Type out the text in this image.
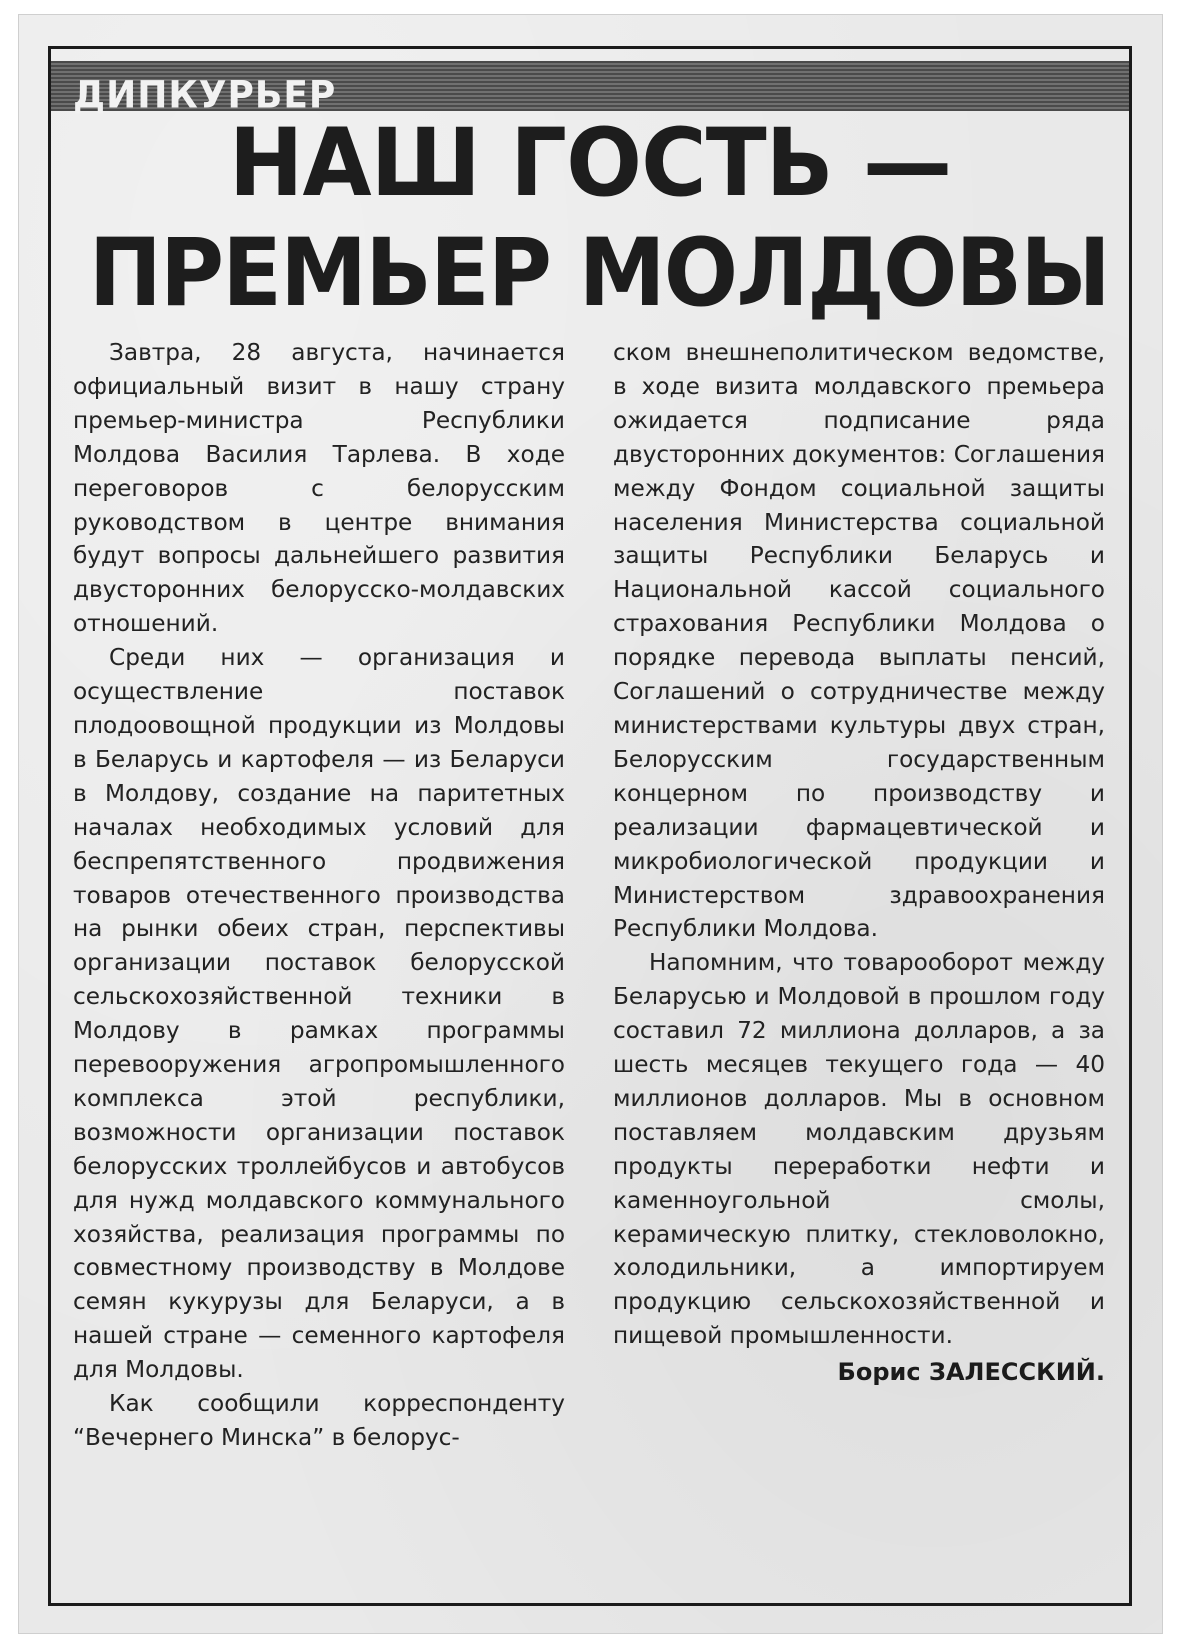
ДИПКУРЬЕР
НАШ ГОСТЬ —
ПРЕМЬЕР МОЛДОВЫ

Завтра, 28 августа, начинается официальный визит в нашу страну премьер-министра Республики Молдова Василия Тарлева. В ходе переговоров с белорусским руководством в центре внимания будут вопросы дальнейшего развития двусторонних белорусско-молдавских отношений.

Среди них — организация и осуществление поставок плодоовощной продукции из Молдовы в Беларусь и картофеля — из Беларуси в Молдову, создание на паритетных началах необходимых условий для беспрепятственного продвижения товаров отечественного производства на рынки обеих стран, перспективы организации поставок белорусской сельскохозяйственной техники в Молдову в рамках программы перевооружения агропромышленного комплекса этой республики, возможности организации поставок белорусских троллейбусов и автобусов для нужд молдавского коммунального хозяйства, реализация программы по совместному производству в Молдове семян кукурузы для Беларуси, а в нашей стране — семенного картофеля для Молдовы.

Как сообщили корреспонденту “Вечернего Минска” в белорус-

ском внешнеполитическом ведомстве, в ходе визита молдавского премьера ожидается подписание ряда двусторонних документов: Соглашения между Фондом социальной защиты населения Министерства социальной защиты Республики Беларусь и Национальной кассой социального страхования Республики Молдова о порядке перевода выплаты пенсий, Соглашений о сотрудничестве между министерствами культуры двух стран, Белорусским государственным концерном по производству и реализации фармацевтической и микробиологической продукции и Министерством здравоохранения Республики Молдова.

Напомним, что товарооборот между Беларусью и Молдовой в прошлом году составил 72 миллиона долларов, а за шесть месяцев текущего года — 40 миллионов долларов. Мы в основном поставляем молдавским друзьям продукты переработки нефти и каменноугольной смолы, керамическую плитку, стекловолокно, холодильники, а импортируем продукцию сельскохозяйственной и пищевой промышленности.

Борис ЗАЛЕССКИЙ.
